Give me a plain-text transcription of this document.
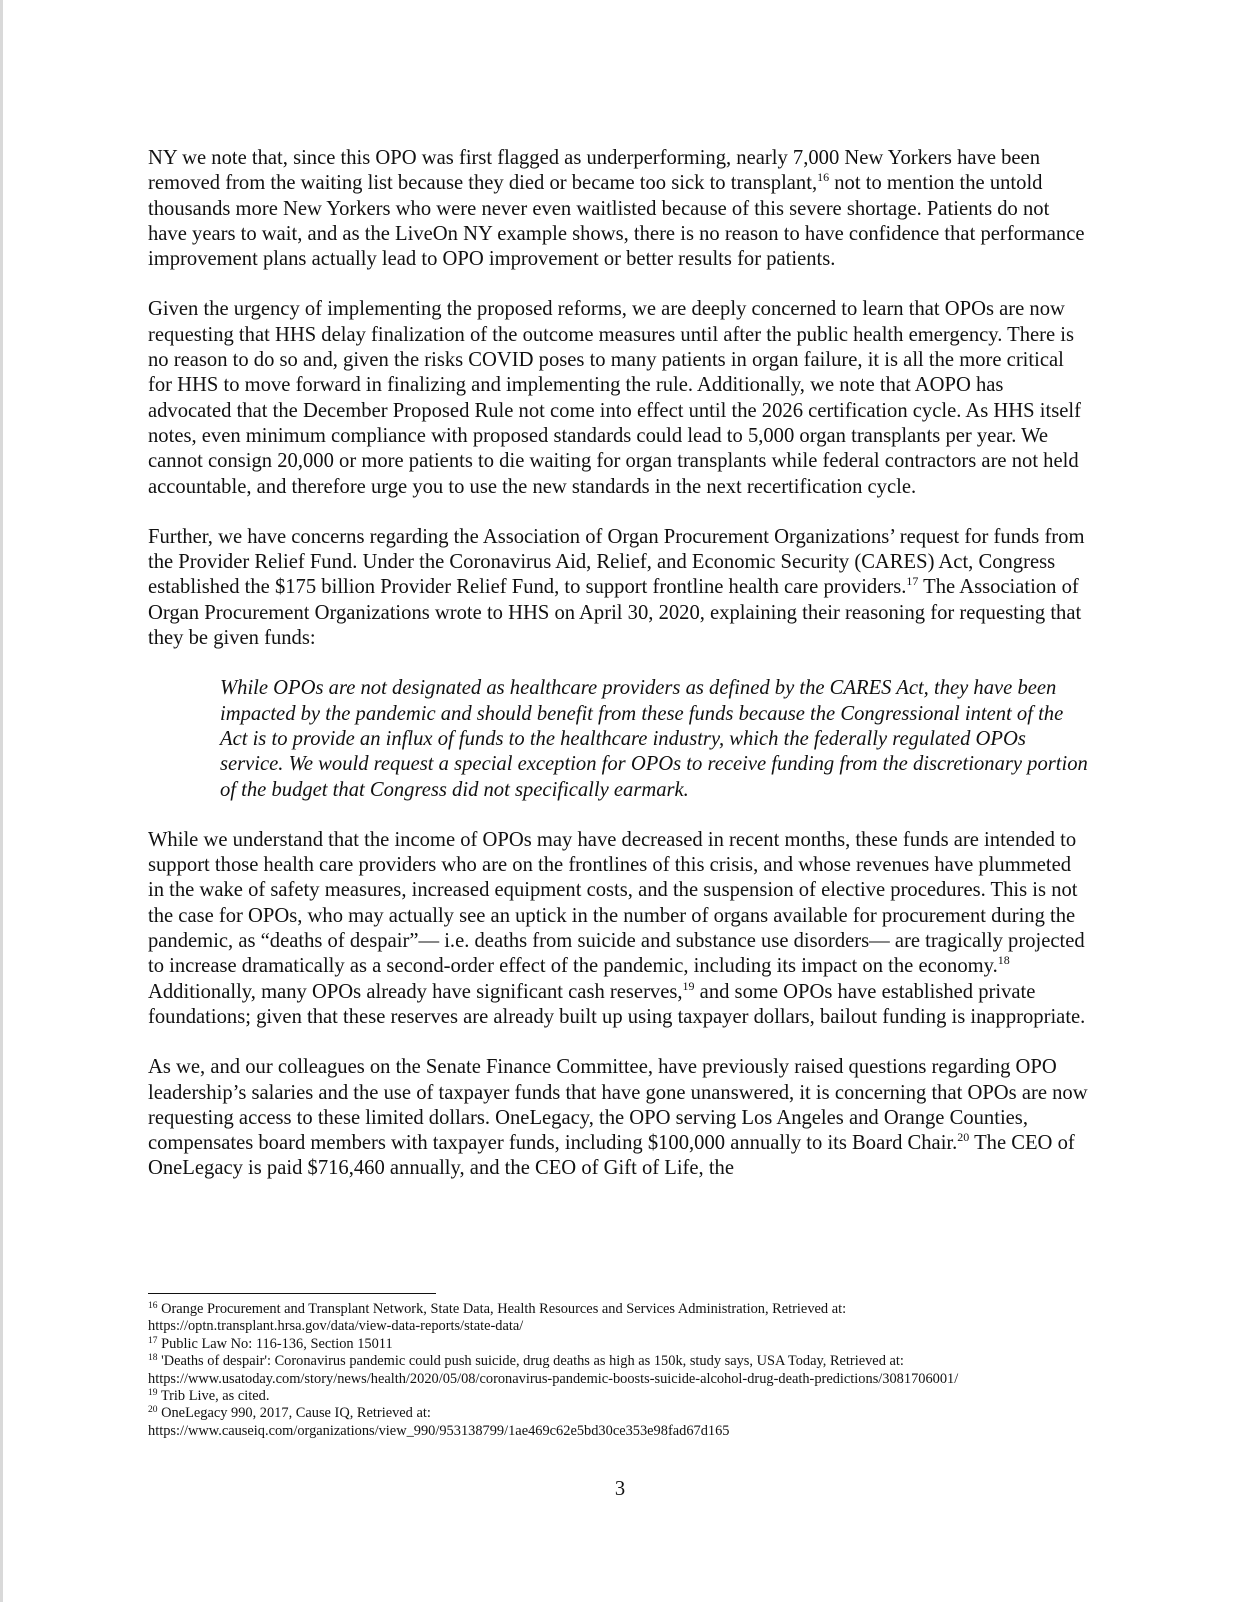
NY we note that, since this OPO was first flagged as underperforming, nearly 7,000 New Yorkers have been removed from the waiting list because they died or became too sick to transplant,$^{16}$ not to mention the untold thousands more New Yorkers who were never even waitlisted because of this severe shortage. Patients do not have years to wait, and as the LiveOn NY example shows, there is no reason to have confidence that performance improvement plans actually lead to OPO improvement or better results for patients.

Given the urgency of implementing the proposed reforms, we are deeply concerned to learn that OPOs are now requesting that HHS delay finalization of the outcome measures until after the public health emergency. There is no reason to do so and, given the risks COVID poses to many patients in organ failure, it is all the more critical for HHS to move forward in finalizing and implementing the rule. Additionally, we note that AOPO has advocated that the December Proposed Rule not come into effect until the 2026 certification cycle. As HHS itself notes, even minimum compliance with proposed standards could lead to 5,000 organ transplants per year. We cannot consign 20,000 or more patients to die waiting for organ transplants while federal contractors are not held accountable, and therefore urge you to use the new standards in the next recertification cycle.

Further, we have concerns regarding the Association of Organ Procurement Organizations’ request for funds from the Provider Relief Fund. Under the Coronavirus Aid, Relief, and Economic Security (CARES) Act, Congress established the $175 billion Provider Relief Fund, to support frontline health care providers.$^{17}$ The Association of Organ Procurement Organizations wrote to HHS on April 30, 2020, explaining their reasoning for requesting that they be given funds:

While OPOs are not designated as healthcare providers as defined by the CARES Act, they have been impacted by the pandemic and should benefit from these funds because the Congressional intent of the Act is to provide an influx of funds to the healthcare industry, which the federally regulated OPOs service. We would request a special exception for OPOs to receive funding from the discretionary portion of the budget that Congress did not specifically earmark.

While we understand that the income of OPOs may have decreased in recent months, these funds are intended to support those health care providers who are on the frontlines of this crisis, and whose revenues have plummeted in the wake of safety measures, increased equipment costs, and the suspension of elective procedures. This is not the case for OPOs, who may actually see an uptick in the number of organs available for procurement during the pandemic, as “deaths of despair”— i.e. deaths from suicide and substance use disorders— are tragically projected to increase dramatically as a second-order effect of the pandemic, including its impact on the economy.$^{18}$ Additionally, many OPOs already have significant cash reserves,$^{19}$ and some OPOs have established private foundations; given that these reserves are already built up using taxpayer dollars, bailout funding is inappropriate.

As we, and our colleagues on the Senate Finance Committee, have previously raised questions regarding OPO leadership’s salaries and the use of taxpayer funds that have gone unanswered, it is concerning that OPOs are now requesting access to these limited dollars. OneLegacy, the OPO serving Los Angeles and Orange Counties, compensates board members with taxpayer funds, including $100,000 annually to its Board Chair.$^{20}$ The CEO of OneLegacy is paid $716,460 annually, and the CEO of Gift of Life, the

$^{16}$ Orange Procurement and Transplant Network, State Data, Health Resources and Services Administration, Retrieved at:
https://optn.transplant.hrsa.gov/data/view-data-reports/state-data/

$^{17}$ Public Law No: 116-136, Section 15011

$^{18}$ 'Deaths of despair': Coronavirus pandemic could push suicide, drug deaths as high as 150k, study says, USA Today, Retrieved at:
https://www.usatoday.com/story/news/health/2020/05/08/coronavirus-pandemic-boosts-suicide-alcohol-drug-death-predictions/3081706001/

$^{19}$ Trib Live, as cited.

$^{20}$ OneLegacy 990, 2017, Cause IQ, Retrieved at:
https://www.causeiq.com/organizations/view_990/953138799/1ae469c62e5bd30ce353e98fad67d165

3
